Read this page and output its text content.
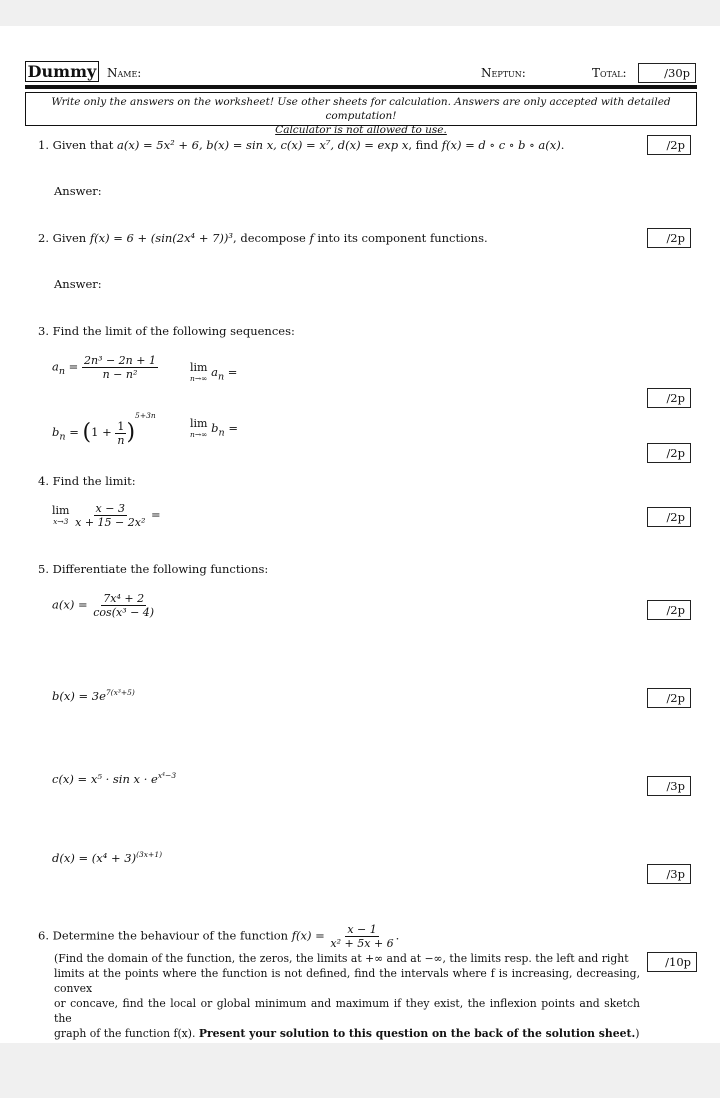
Dummy Name:	Neptun:	Total:	/30p
Write only the answers on the worksheet! Use other sheets for calculation. Answers are only accepted with detailed computation!
Calculator is not allowed to use.
1. Given that a(x) = 5x² + 6, b(x) = sin x, c(x) = x⁷, d(x) = exp x, find f(x) = d ∘ c ∘ b ∘ a(x).	/2p
Answer:
2. Given f(x) = 6 + (sin(2x⁴ + 7))³, decompose f into its component functions.	/2p
Answer:
3. Find the limit of the following sequences:
$a_n = \frac{\text{2n³ − 2n + 1}}{\text{n − n²}}$	lim
n→∞ $a_n$ =
/2p
$b_n = (1 + \frac{1}{n} )^{5+3n}$
lim
n→∞ $b_n$ =
/2p
4. Find the limit:
lim
x→3
$\frac{x - 3}{\text{x + 15 − 2x²}}$ =	/2p
5. Differentiate the following functions:
$a(x) = \frac{\text{7x⁴ + 2}}{\text{cos(x³ − 4)}}$	/2p
$b(x) = 3e^{7(x^3+5)}$	/2p
$c(x) = x^5 \cdot \sin x \cdot e^{x^4-3}$
/3p
$d(x) = (x^4 + 3)^{(3x+1)}$
/3p
6. Determine the behaviour of the function $f(x) = \frac{x - 1}{\text{x² + 5x + 6}}$ .
(Find the domain of the function, the zeros, the limits at +∞ and at −∞, the limits resp. the left and right
limits at the points where the function is not defined, find the intervals where f is increasing, decreasing, convex
or concave, find the local or global minimum and maximum if they exist, the inflexion points and sketch the
graph of the function f(x). Present your solution to this question on the back of the solution sheet.)
/10p
